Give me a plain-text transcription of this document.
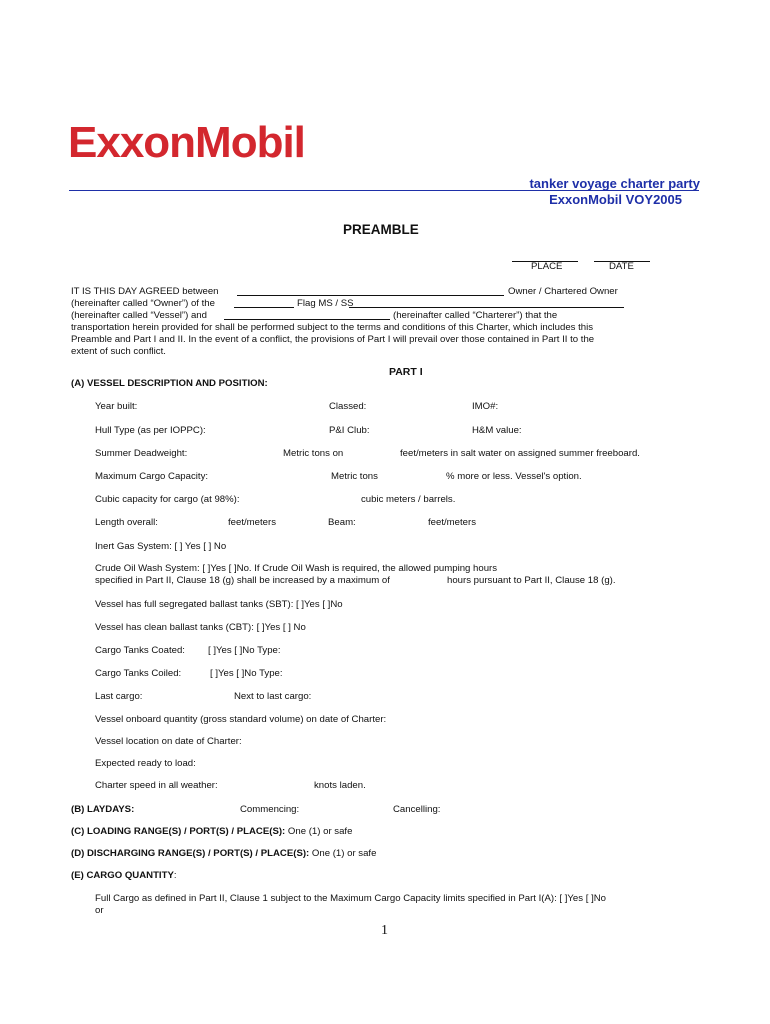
ExxonMobil
tanker voyage charter party
ExxonMobil VOY2005
PREAMBLE
PLACE	DATE
IT IS THIS DAY AGREED between	Owner / Chartered Owner
(hereinafter called “Owner”) of the	Flag MS / SS
(hereinafter called “Vessel”) and	(hereinafter called “Charterer”) that the
transportation herein provided for shall be performed subject to the terms and conditions of this Charter, which includes this
Preamble and Part I and II. In the event of a conflict, the provisions of Part I will prevail over those contained in Part II to the
extent of such conflict.
PART I
(A) VESSEL DESCRIPTION AND POSITION:
Year built:	Classed:	IMO#:
Hull Type (as per IOPPC):	P&I Club:	H&M value:
Summer Deadweight:	Metric tons on	feet/meters in salt water on assigned summer freeboard.
Maximum Cargo Capacity:	Metric tons	% more or less. Vessel's option.
Cubic capacity for cargo (at 98%):	cubic meters / barrels.
Length overall:	feet/meters	Beam:	feet/meters
Inert Gas System: [ ] Yes [ ] No
Crude Oil Wash System: [ ]Yes [ ]No. If Crude Oil Wash is required, the allowed pumping hours
specified in Part II, Clause 18 (g) shall be increased by a maximum of	hours pursuant to Part II, Clause 18 (g).
Vessel has full segregated ballast tanks (SBT): [ ]Yes [ ]No
Vessel has clean ballast tanks (CBT): [ ]Yes [ ] No
Cargo Tanks Coated: [ ]Yes [ ]No Type:
Cargo Tanks Coiled:	[ ]Yes [ ]No Type:
Last cargo:	Next to last cargo:
Vessel onboard quantity (gross standard volume) on date of Charter:
Vessel location on date of Charter:
Expected ready to load:
Charter speed in all weather:	knots laden.
(B) LAYDAYS:	Commencing:	Cancelling:
(C) LOADING RANGE(S) / PORT(S) / PLACE(S): One (1) or safe
(D) DISCHARGING RANGE(S) / PORT(S) / PLACE(S): One (1) or safe
(E) CARGO QUANTITY:
Full Cargo as defined in Part II, Clause 1 subject to the Maximum Cargo Capacity limits specified in Part I(A): [ ]Yes [ ]No
or
1
